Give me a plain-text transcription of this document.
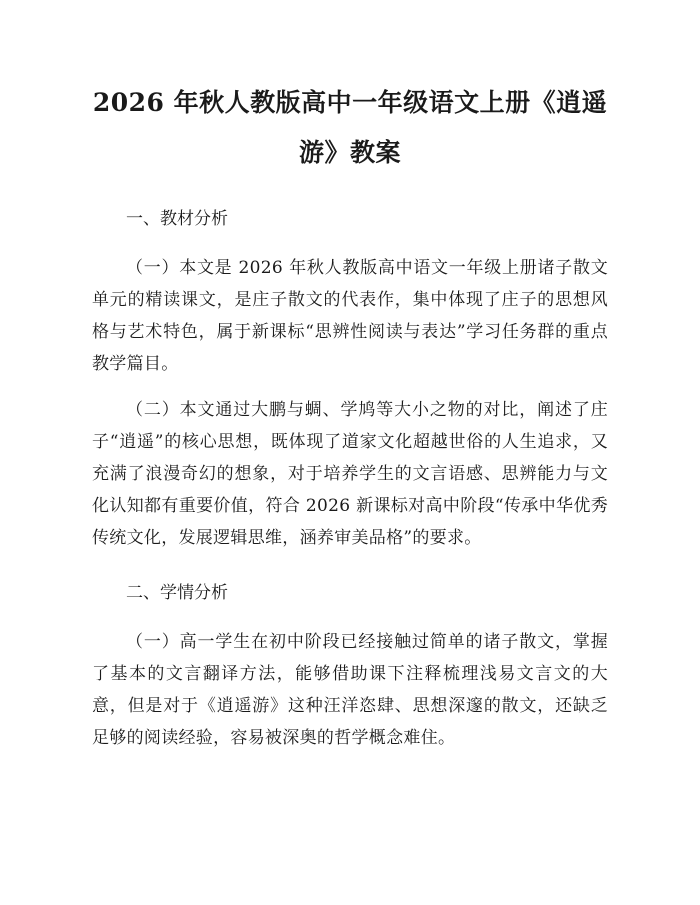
2026 年秋人教版高中一年级语文上册《逍遥
游》教案

一、教材分析

（一）本文是 2026 年秋人教版高中语文一年级上册诸子散文单元的精读课文，是庄子散文的代表作，集中体现了庄子的思想风格与艺术特色，属于新课标“思辨性阅读与表达”学习任务群的重点教学篇目。

（二）本文通过大鹏与蜩、学鸠等大小之物的对比，阐述了庄子“逍遥”的核心思想，既体现了道家文化超越世俗的人生追求，又充满了浪漫奇幻的想象，对于培养学生的文言语感、思辨能力与文化认知都有重要价值，符合 2026 新课标对高中阶段“传承中华优秀传统文化，发展逻辑思维，涵养审美品格”的要求。

二、学情分析

（一）高一学生在初中阶段已经接触过简单的诸子散文，掌握了基本的文言翻译方法，能够借助课下注释梳理浅易文言文的大意，但是对于《逍遥游》这种汪洋恣肆、思想深邃的散文，还缺乏足够的阅读经验，容易被深奥的哲学概念难住。
